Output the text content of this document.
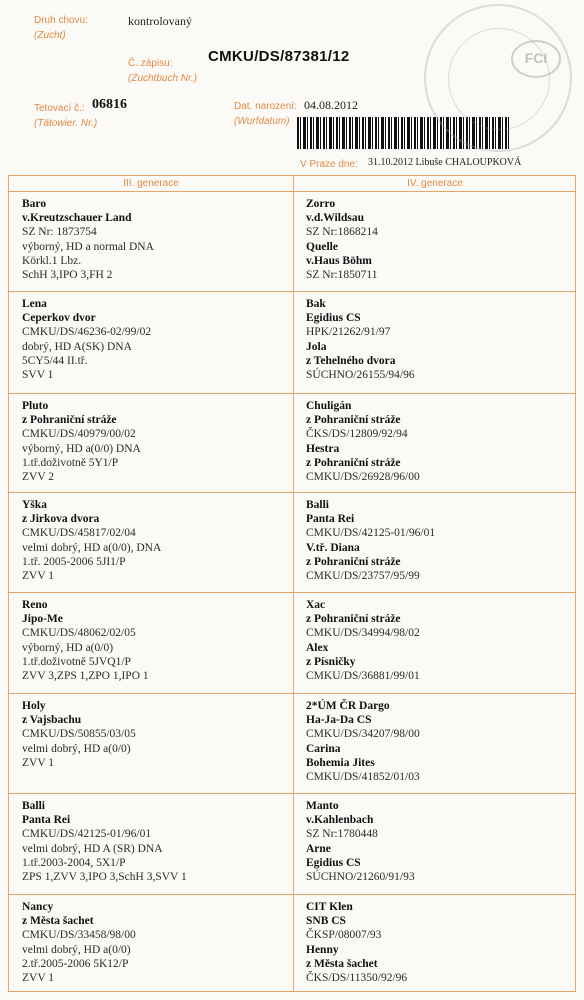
Druh chovu:
(Zucht)
kontrolovaný
Č. zápisu:
(Zuchtbuch Nr.)
CMKU/DS/87381/12
Tetovací č.:
(Tätowier. Nr.)
06816	Dat. narození:
(Wurfdatum)
04.08.2012
V Praze dne: 31.10.2012 Libuše CHALOUPKOVÁ
FCI
III. generace	IV. generace
Baro
v.Kreutzschauer Land
SZ Nr: 1873754
výborný, HD a normal DNA
Körkl.1 Lbz.
SchH 3,IPO 3,FH 2
Zorro
v.d.Wildsau
SZ Nr:1868214
Quelle
v.Haus Böhm
SZ Nr:1850711
Lena
Ceperkov dvor
CMKU/DS/46236-02/99/02
dobrý, HD A(SK) DNA
5CY5/44 II.tř.
SVV 1
Bak
Egidius CS
HPK/21262/91/97
Jola
z Tehelného dvora
SÚCHNO/26155/94/96
Pluto
z Pohraniční stráže
CMKU/DS/40979/00/02
výborný, HD a(0/0) DNA
1.tř.doživotně 5Y1/P
ZVV 2
Chuligán
z Pohraniční stráže
ČKS/DS/12809/92/94
Hestra
z Pohraniční stráže
CMKU/DS/26928/96/00
Yška
z Jirkova dvora
CMKU/DS/45817/02/04
velmi dobrý, HD a(0/0), DNA
1.tř. 2005-2006 5JI1/P
ZVV 1
Balli
Panta Rei
CMKU/DS/42125-01/96/01
V.tř. Diana
z Pohraniční stráže
CMKU/DS/23757/95/99
Reno
Jipo-Me
CMKU/DS/48062/02/05
výborný, HD a(0/0)
1.tř.doživotně 5JVQ1/P
ZVV 3,ZPS 1,ZPO 1,IPO 1
Xac
z Pohraniční stráže
CMKU/DS/34994/98/02
Alex
z Písničky
CMKU/DS/36881/99/01
Holy
z Vajsbachu
CMKU/DS/50855/03/05
velmi dobrý, HD a(0/0)
ZVV 1
2*ÚM ČR Dargo
Ha-Ja-Da CS
CMKU/DS/34207/98/00
Carina
Bohemia Jites
CMKU/DS/41852/01/03
Balli
Panta Rei
CMKU/DS/42125-01/96/01
velmi dobrý, HD A (SR) DNA
1.tř.2003-2004, 5X1/P
ZPS 1,ZVV 3,IPO 3,SchH 3,SVV 1
Manto
v.Kahlenbach
SZ Nr:1780448
Arne
Egidius CS
SÚCHNO/21260/91/93
Nancy
z Města šachet
CMKU/DS/33458/98/00
velmi dobrý, HD a(0/0)
2.tř.2005-2006 5K12/P
ZVV 1
CIT Klen
SNB CS
ČKSP/08007/93
Henny
z Města šachet
ČKS/DS/11350/92/96
